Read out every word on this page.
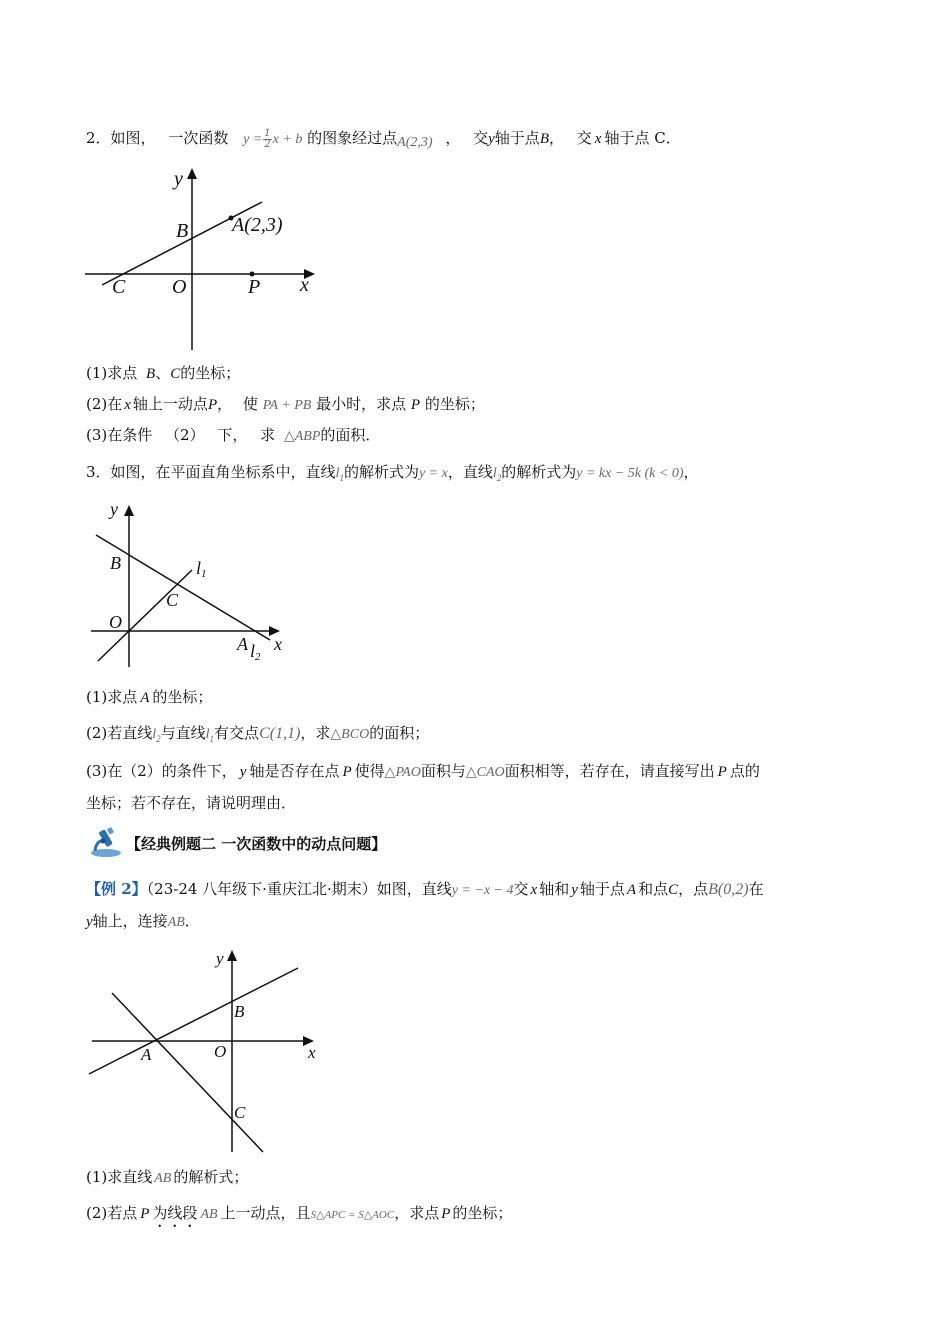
2．如图， 一次函数 $y = \frac{1}{2}$ x + b 的图象经过点A(2,3) ， 交y轴于点B， 交 x 轴于点 C．
y
x
B A(2,3)
C O	P
(1)求点 B、C的坐标；
(2)在 x 轴上一动点P， 使 PA + PB 最小时，求点 P 的坐标；
(3)在条件 （2） 下， 求 △ABP的面积．
3．如图，在平面直角坐标系中，直线$l_1$的解析式为y = x，直线$l_2$的解析式为y = kx − 5k (k < 0)，
y
x
B
C
O
A
l1
l2
(1)求点 A 的坐标；
(2)若直线$l_2$与直线$l_1$有交点C(1,1)，求△BCO的面积；
(3)在（2）的条件下， y 轴是否存在点 P 使得△PAO面积与△CAO面积相等，若存在，请直接写出 P 点的
坐标；若不存在，请说明理由．
【经典例题二 一次函数中的动点问题】
【例 2】（23-24 八年级下·重庆江北·期末）如图，直线y = −x − 4交 x 轴和 y 轴于点 A 和点C，点B(0,2)在
y轴上，连接AB．
y
x
B
A	O
C
(1)求直线 AB 的解析式；
(2)若点 P 为线段 AB 上一动点，且S△APC = S△AOC，求点 P 的坐标；
